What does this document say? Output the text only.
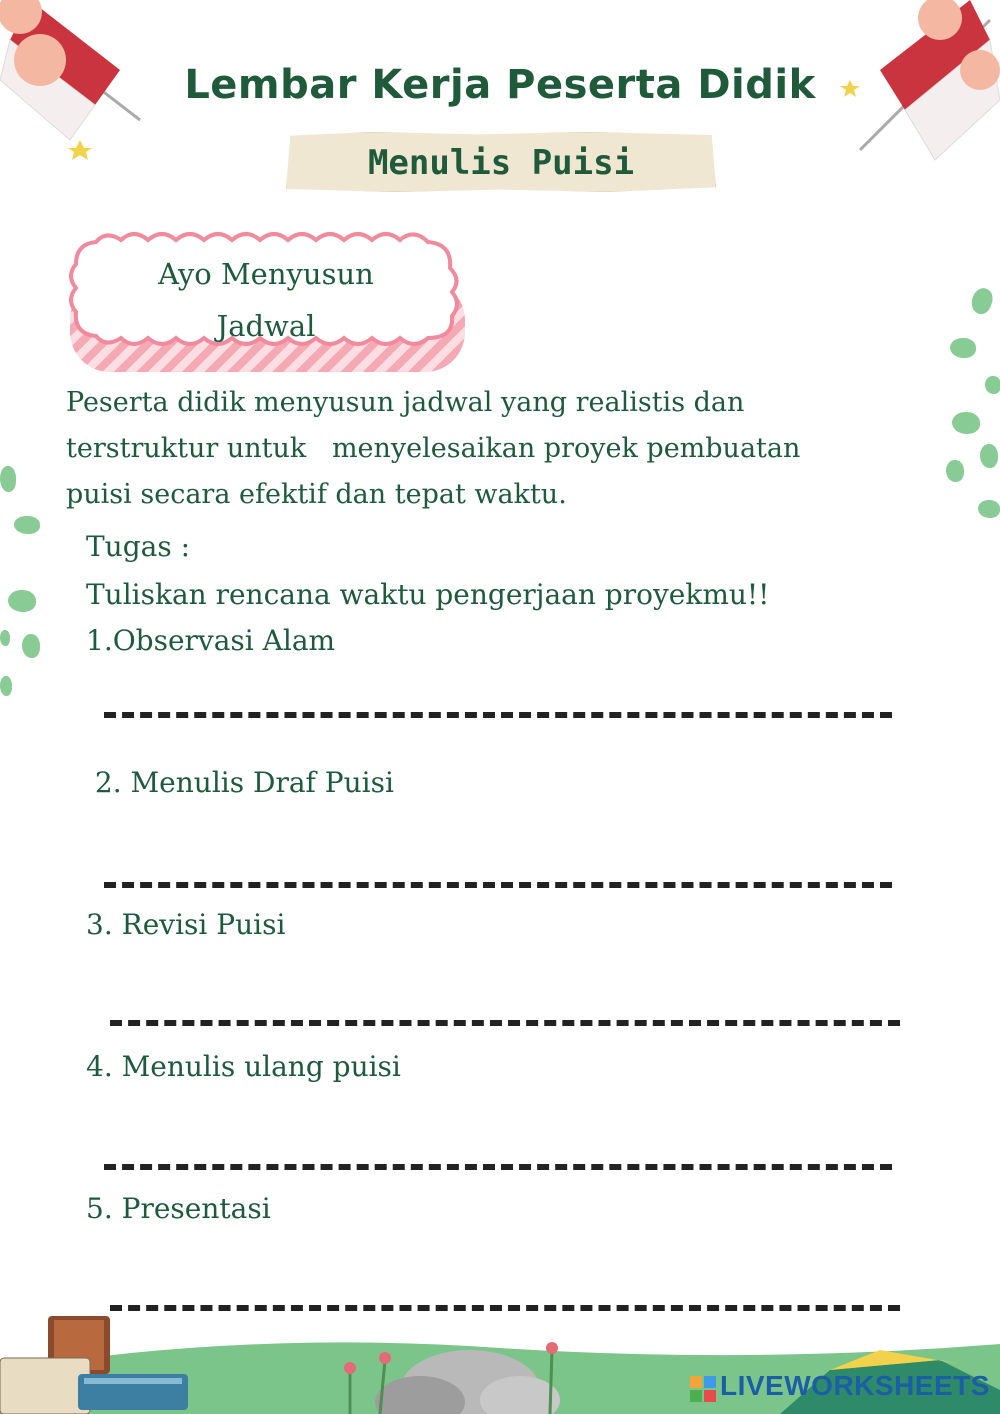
Lembar Kerja Peserta Didik
Menulis Puisi
Ayo Menyusun
Jadwal
Peserta didik menyusun jadwal yang realistis dan
terstruktur untuk   menyelesaikan proyek pembuatan
puisi secara efektif dan tepat waktu.
Tugas :
Tuliskan rencana waktu pengerjaan proyekmu!!
1.Observasi Alam
2. Menulis Draf Puisi
3. Revisi Puisi
4. Menulis ulang puisi
5. Presentasi
LIVEWORKSHEETS
